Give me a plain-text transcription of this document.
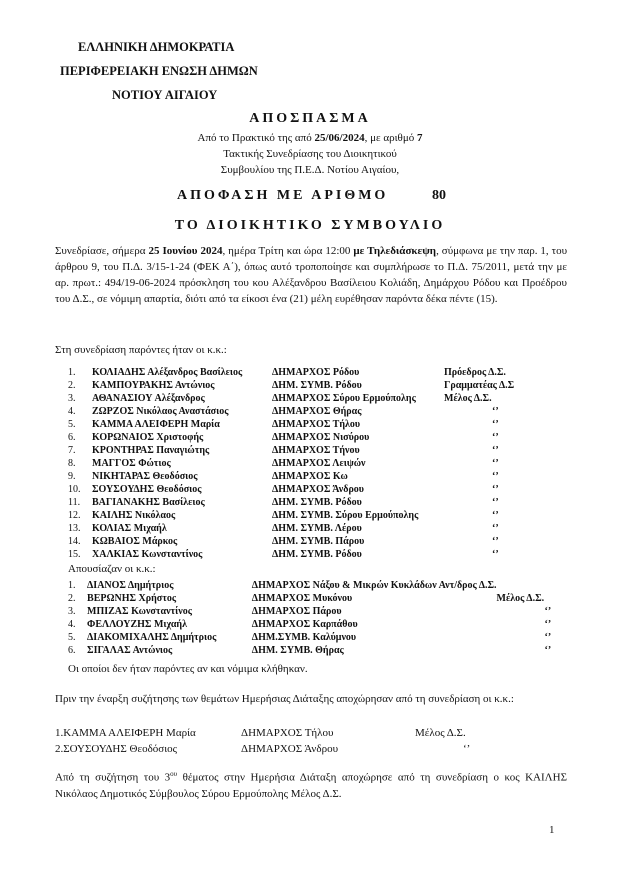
ΕΛΛΗΝΙΚΗ ΔΗΜΟΚΡΑΤΙΑ
ΠΕΡΙΦΕΡΕΙΑΚΗ ΕΝΩΣΗ ΔΗΜΩΝ
ΝΟΤΙΟΥ ΑΙΓΑΙΟΥ
ΑΠΟΣΠΑΣΜΑ
Από το Πρακτικό της από 25/06/2024, με αριθμό 7
Τακτικής Συνεδρίασης του Διοικητικού
Συμβουλίου της Π.Ε.Δ. Νοτίου Αιγαίου,
ΑΠΟΦΑΣΗ ΜΕ ΑΡΙΘΜΟ	80
ΤΟ ΔΙΟΙΚΗΤΙΚΟ ΣΥΜΒΟΥΛΙΟ
Συνεδρίασε, σήμερα 25 Ιουνίου 2024, ημέρα Τρίτη και ώρα 12:00 με Τηλεδιάσκεψη, σύμφωνα με την παρ. 1, του άρθρου 9, του Π.Δ. 3/15-1-24 (ΦΕΚ Α΄), όπως αυτό τροποποίησε και συμπλήρωσε το Π.Δ. 75/2011, μετά την με αρ. πρωτ.: 494/19-06-2024 πρόσκληση του κου Αλέξανδρου Βασίλειου Κολιάδη, Δημάρχου Ρόδου και Προέδρου του Δ.Σ., σε νόμιμη απαρτία, διότι από τα είκοσι ένα (21) μέλη ευρέθησαν παρόντα δέκα πέντε (15).
Στη συνεδρίαση παρόντες ήταν οι κ.κ.:
1.	ΚΟΛΙΑΔΗΣ Αλέξανδρος Βασίλειος	ΔΗΜΑΡΧΟΣ Ρόδου	Πρόεδρος Δ.Σ.
2.	ΚΑΜΠΟΥΡΑΚΗΣ Αντώνιος	ΔΗΜ. ΣΥΜΒ. Ρόδου	Γραμματέας Δ.Σ
3.	ΑΘΑΝΑΣΙΟΥ Αλέξανδρος	ΔΗΜΑΡΧΟΣ Σύρου Ερμούπολης	Μέλος Δ.Σ.
4.	ΖΩΡΖΟΣ Νικόλαος Αναστάσιος	ΔΗΜΑΡΧΟΣ Θήρας	‘’
5.	ΚΑΜΜΑ ΑΛΕΙΦΕΡΗ Μαρία	ΔΗΜΑΡΧΟΣ Τήλου	‘’
6.	ΚΟΡΩΝΑΙΟΣ Χριστοφής	ΔΗΜΑΡΧΟΣ Νισύρου	‘’
7.	ΚΡΟΝΤΗΡΑΣ Παναγιώτης	ΔΗΜΑΡΧΟΣ Τήνου	‘’
8.	ΜΑΓΓΟΣ Φώτιος	ΔΗΜΑΡΧΟΣ Λειψών	‘’
9.	ΝΙΚΗΤΑΡΑΣ Θεοδόσιος	ΔΗΜΑΡΧΟΣ Κω	‘’
10.	ΣΟΥΣΟΥΔΗΣ Θεοδόσιος	ΔΗΜΑΡΧΟΣ Άνδρου	‘’
11.	ΒΑΓΙΑΝΑΚΗΣ Βασίλειος	ΔΗΜ. ΣΥΜΒ. Ρόδου	‘’
12.	ΚΑΙΛΗΣ Νικόλαος	ΔΗΜ. ΣΥΜΒ. Σύρου Ερμούπολης	‘’
13.	ΚΟΛΙΑΣ Μιχαήλ	ΔΗΜ. ΣΥΜΒ. Λέρου	‘’
14.	ΚΩΒΑΙΟΣ Μάρκος	ΔΗΜ. ΣΥΜΒ. Πάρου	‘’
15.	ΧΑΛΚΙΑΣ Κωνσταντίνος	ΔΗΜ. ΣΥΜΒ. Ρόδου	‘’
Απουσίαζαν οι κ.κ.:
1.	ΔΙΑΝΟΣ Δημήτριος	ΔΗΜΑΡΧΟΣ Νάξου & Μικρών Κυκλάδων Αντ/δρος Δ.Σ.	
2.	ΒΕΡΩΝΗΣ Χρήστος	ΔΗΜΑΡΧΟΣ Μυκόνου	Μέλος Δ.Σ.
3.	ΜΠΙΖΑΣ Κωνσταντίνος	ΔΗΜΑΡΧΟΣ Πάρου	‘’
4.	ΦΕΛΛΟΥΖΗΣ Μιχαήλ	ΔΗΜΑΡΧΟΣ Καρπάθου	‘’
5.	ΔΙΑΚΟΜΙΧΑΛΗΣ Δημήτριος	ΔΗΜ.ΣΥΜΒ. Καλύμνου	‘’
6.	ΣΙΓΑΛΑΣ Αντώνιος	ΔΗΜ. ΣΥΜΒ. Θήρας	‘’
Οι οποίοι δεν ήταν παρόντες αν και νόμιμα κλήθηκαν.
Πριν την έναρξη συζήτησης των θεμάτων Ημερήσιας Διάταξης αποχώρησαν από τη συνεδρίαση οι κ.κ.:
1.ΚΑΜΜΑ ΑΛΕΙΦΕΡΗ Μαρία	ΔΗΜΑΡΧΟΣ Τήλου	Μέλος Δ.Σ.
2.ΣΟΥΣΟΥΔΗΣ Θεοδόσιος	ΔΗΜΑΡΧΟΣ Άνδρου	‘’
Από τη συζήτηση του $3^{o\upsilon}$ θέματος στην Ημερήσια Διάταξη αποχώρησε από τη συνεδρίαση ο κος ΚΑΙΛΗΣ Νικόλαος Δημοτικός Σύμβουλος Σύρου Ερμούπολης Μέλος Δ.Σ.
1
